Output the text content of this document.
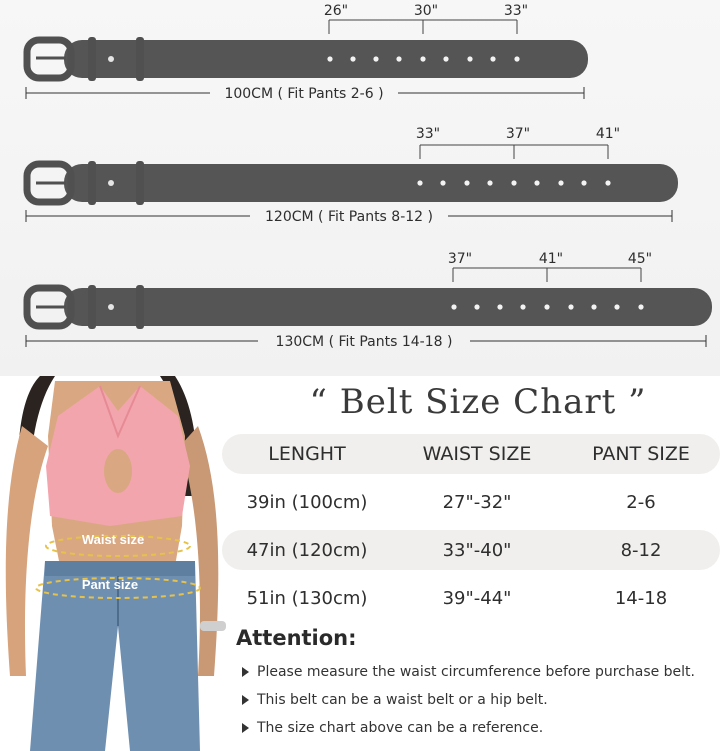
26"	30"	33"
100CM ( Fit Pants 2-6 )
33"	37"	41"
120CM ( Fit Pants 8-12 )
37"	41"	45"
130CM ( Fit Pants 14-18 )
Waist size
Pant size
“ Belt Size Chart ”
LENGHT	WAIST SIZE	PANT SIZE
39in (100cm)	27"-32"	2-6
47in (120cm)	33"-40"	8-12
51in (130cm)	39"-44"	14-18
Attention:
Please measure the waist circumference before purchase belt.
This belt can be a waist belt or a hip belt.
The size chart above can be a reference.
